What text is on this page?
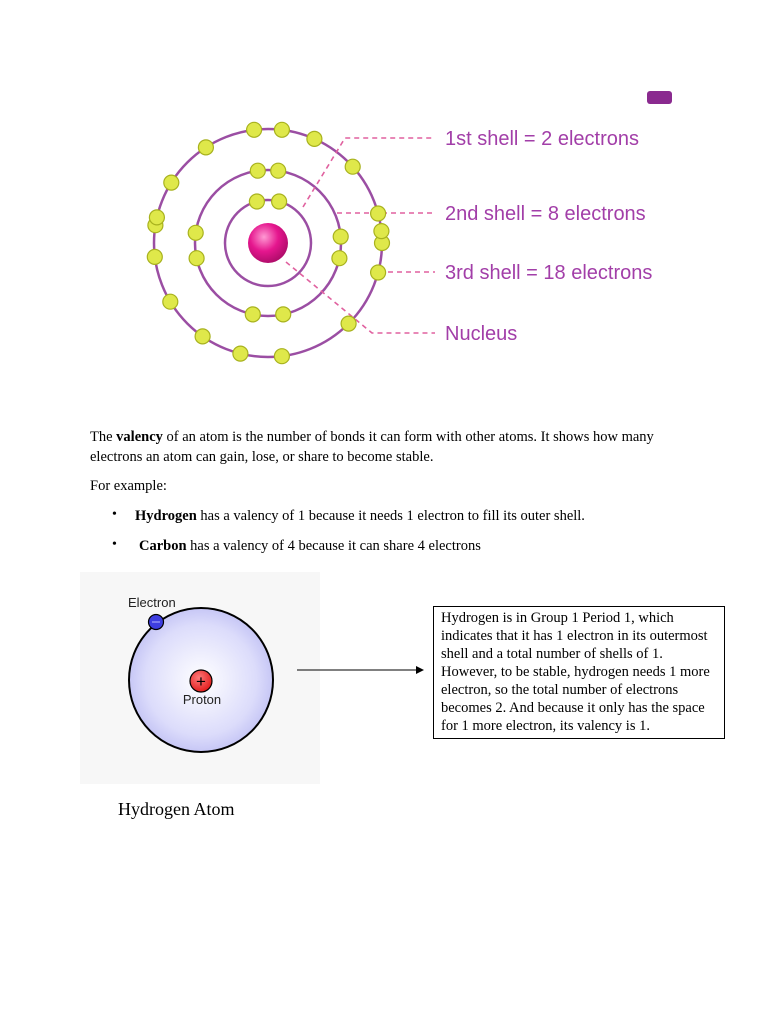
1st shell = 2 electrons
2nd shell = 8 electrons
3rd shell = 18 electrons
Nucleus
The valency of an atom is the number of bonds it can form with other atoms. It shows how many electrons an atom can gain, lose, or share to become stable.
For example:
• Hydrogen has a valency of 1 because it needs 1 electron to fill its outer shell.
• Carbon has a valency of 4 because it can share 4 electrons
+
Electron
Proton
Hydrogen is in Group 1 Period 1, which indicates that it has 1 electron in its outermost shell and a total number of shells of 1. However, to be stable, hydrogen needs 1 more electron, so the total number of electrons becomes 2. And because it only has the space for 1 more electron, its valency is 1.
Hydrogen Atom
